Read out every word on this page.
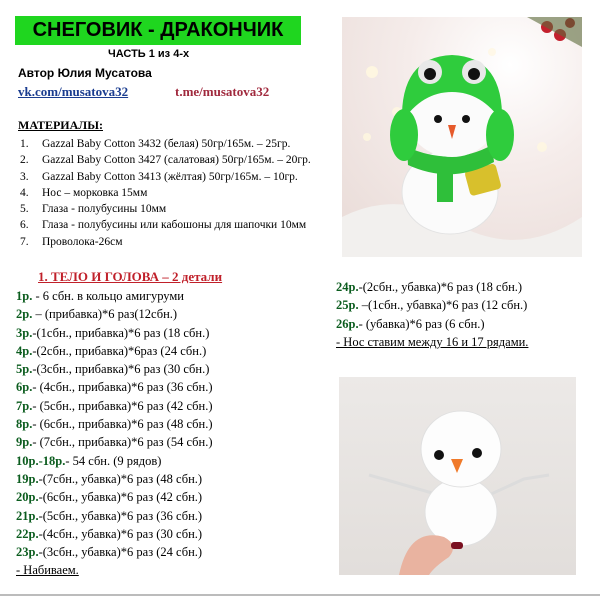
СНЕГОВИК - ДРАКОНЧИК
ЧАСТЬ 1 из 4-х
Автор Юлия Мусатова
vk.com/musatova32	t.me/musatova32
МАТЕРИАЛЫ:
1. Gazzal Baby Cotton 3432 (белая) 50гр/165м. – 25гр.
2. Gazzal Baby Cotton 3427 (салатовая) 50гр/165м. – 20гр.
3. Gazzal Baby Cotton 3413 (жёлтая) 50гр/165м. – 10гр.
4. Нос – морковка 15мм
5. Глаза - полубусины 10мм
6. Глаза - полубусины или кабошоны для шапочки 10мм
7. Проволока-26см
1. ТЕЛО И ГОЛОВА – 2 детали
1р. - 6 сбн. в кольцо амигуруми
2р. – (прибавка)*6 раз(12сбн.)
3р.-(1сбн., прибавка)*6 раз (18 сбн.)
4р.-(2сбн., прибавка)*6раз (24 сбн.)
5р.-(3сбн., прибавка)*6 раз (30 сбн.)
6р.- (4сбн., прибавка)*6 раз (36 сбн.)
7р.- (5сбн., прибавка)*6 раз (42 сбн.)
8р.- (6сбн., прибавка)*6 раз (48 сбн.)
9р.- (7сбн., прибавка)*6 раз (54 сбн.)
10р.-18р.- 54 сбн. (9 рядов)
19р.-(7сбн., убавка)*6 раз (48 сбн.)
20р.-(6сбн., убавка)*6 раз (42 сбн.)
21р.-(5сбн., убавка)*6 раз (36 сбн.)
22р.-(4сбн., убавка)*6 раз (30 сбн.)
23р.-(3сбн., убавка)*6 раз (24 сбн.)
- Набиваем.
24р.-(2сбн., убавка)*6 раз (18 сбн.)
25р. –(1сбн., убавка)*6 раз (12 сбн.)
26р.- (убавка)*6 раз (6 сбн.)
- Нос ставим между 16 и 17 рядами.
